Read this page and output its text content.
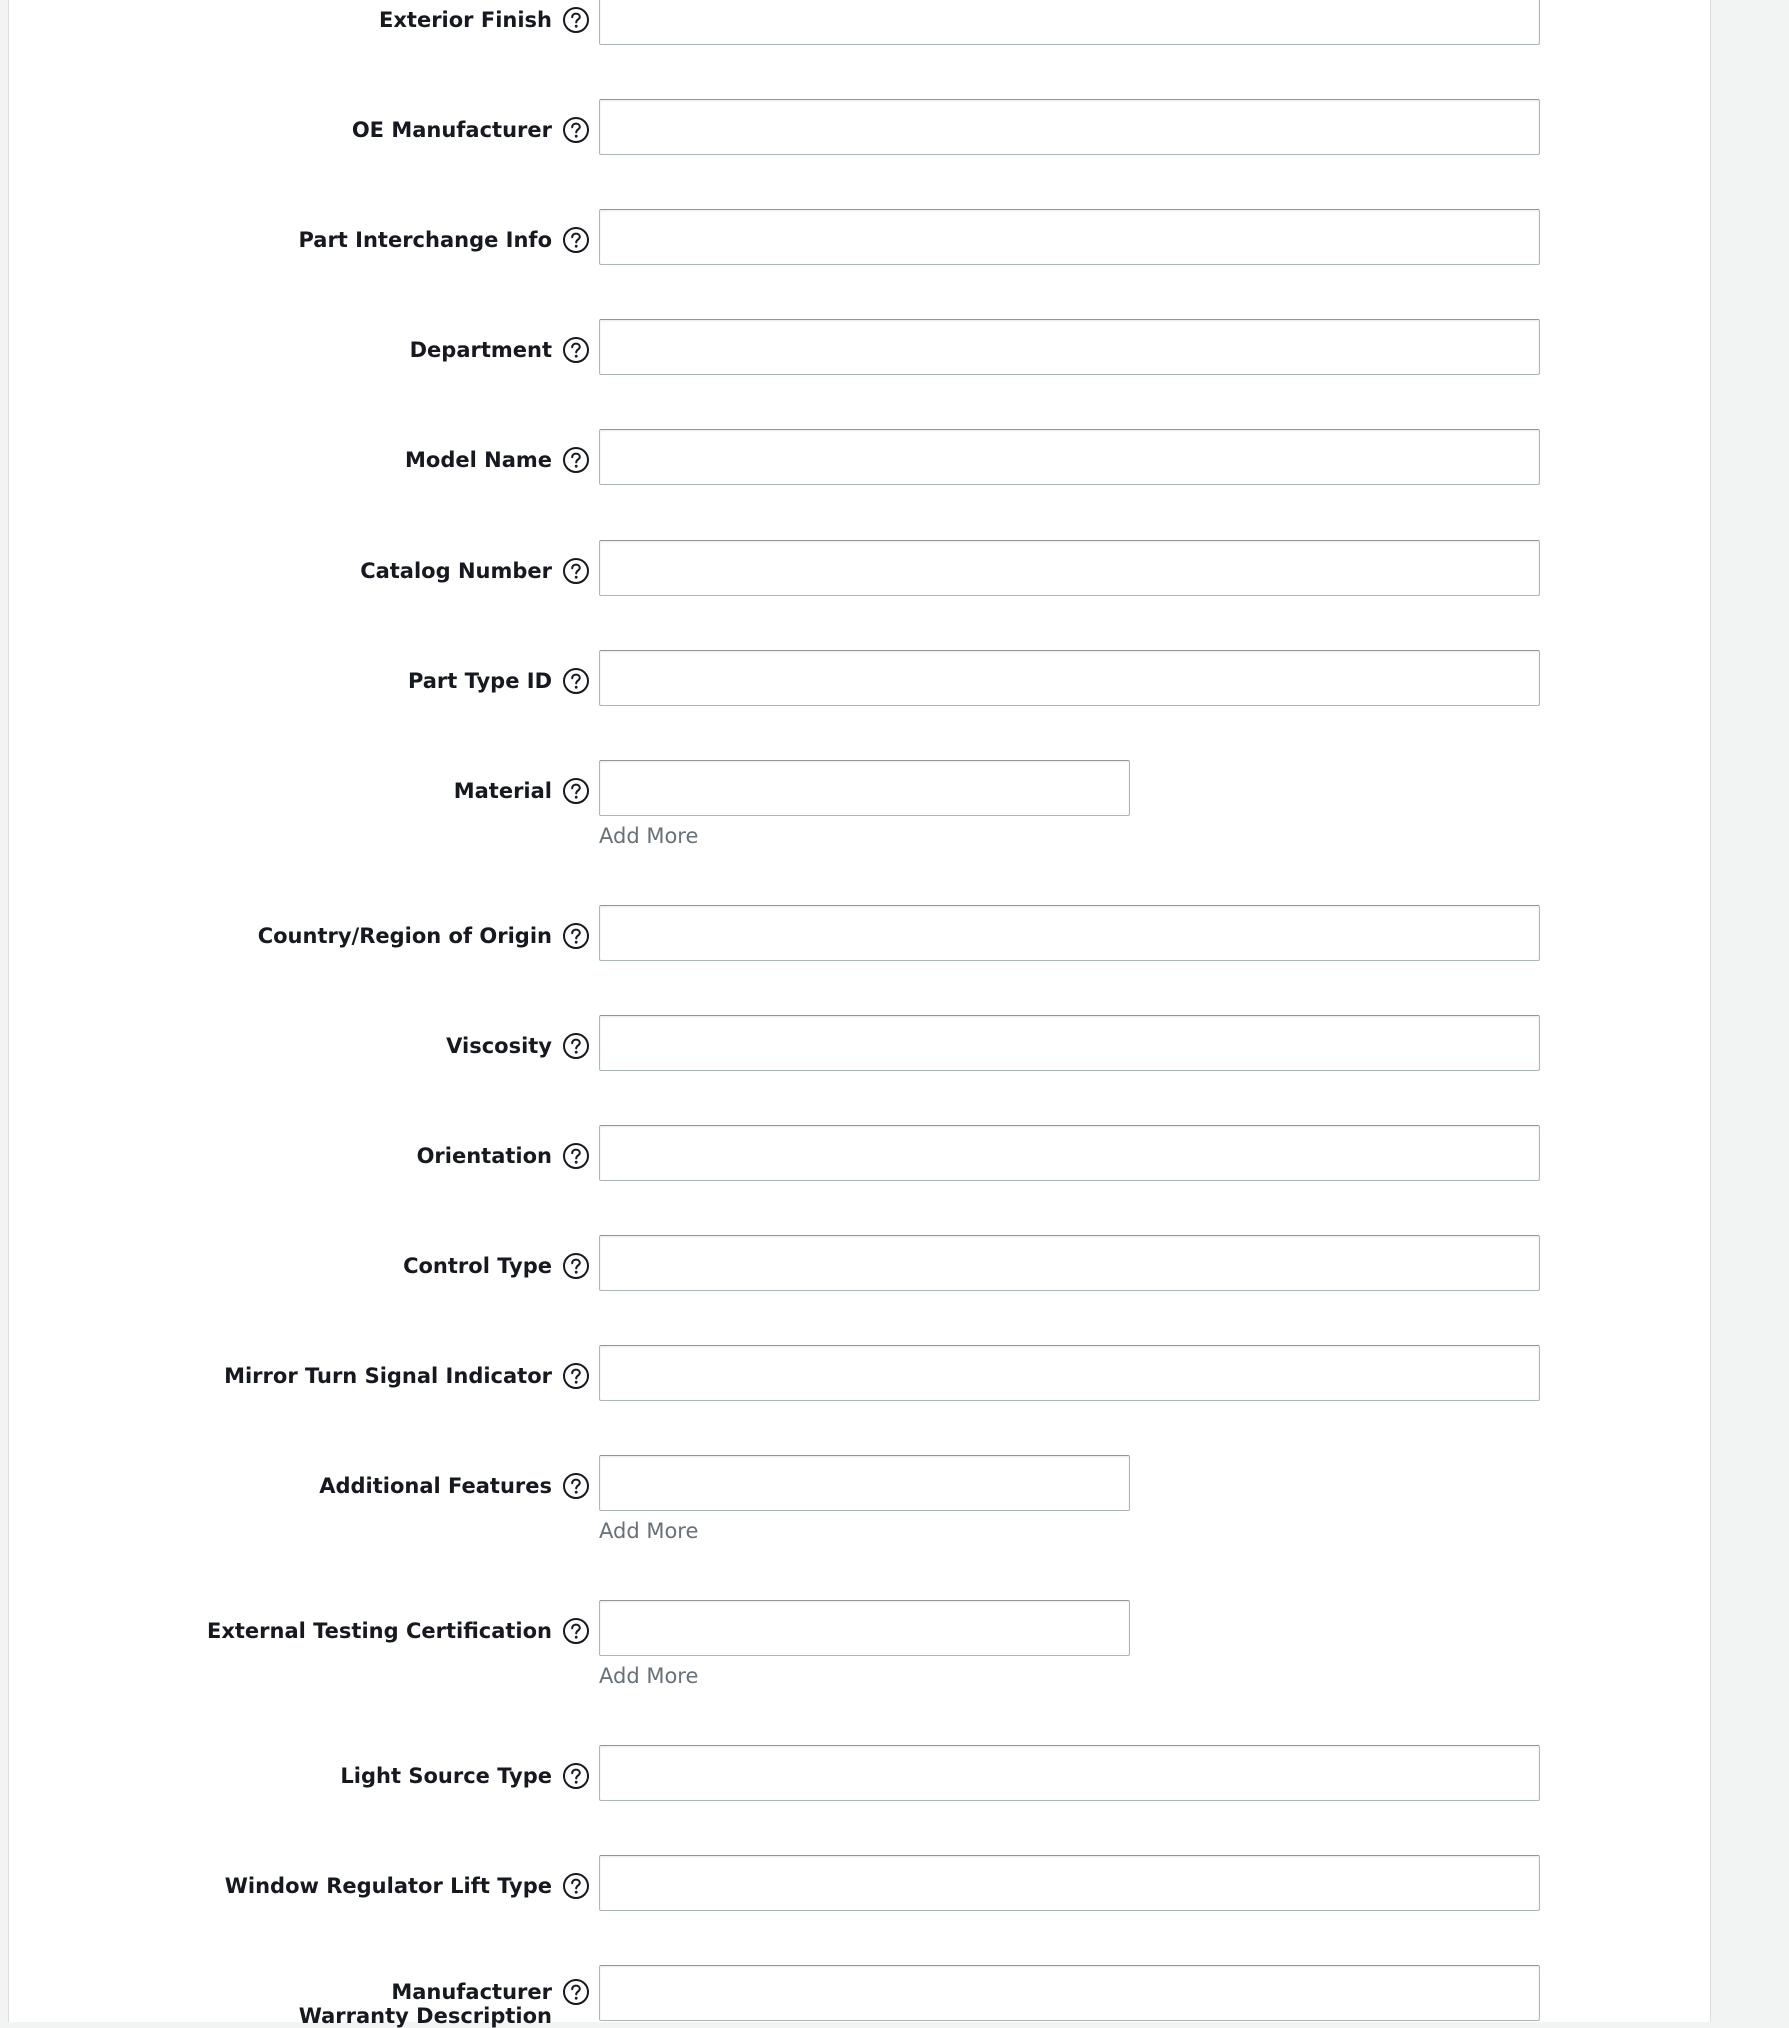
Exterior Finish
OE Manufacturer
Part Interchange Info
Department
Model Name
Catalog Number
Part Type ID
Material
Add More
Country/Region of Origin
Viscosity
Orientation
Control Type
Mirror Turn Signal Indicator
Additional Features
Add More
External Testing Certification
Add More
Light Source Type
Window Regulator Lift Type
Manufacturer Warranty Description
